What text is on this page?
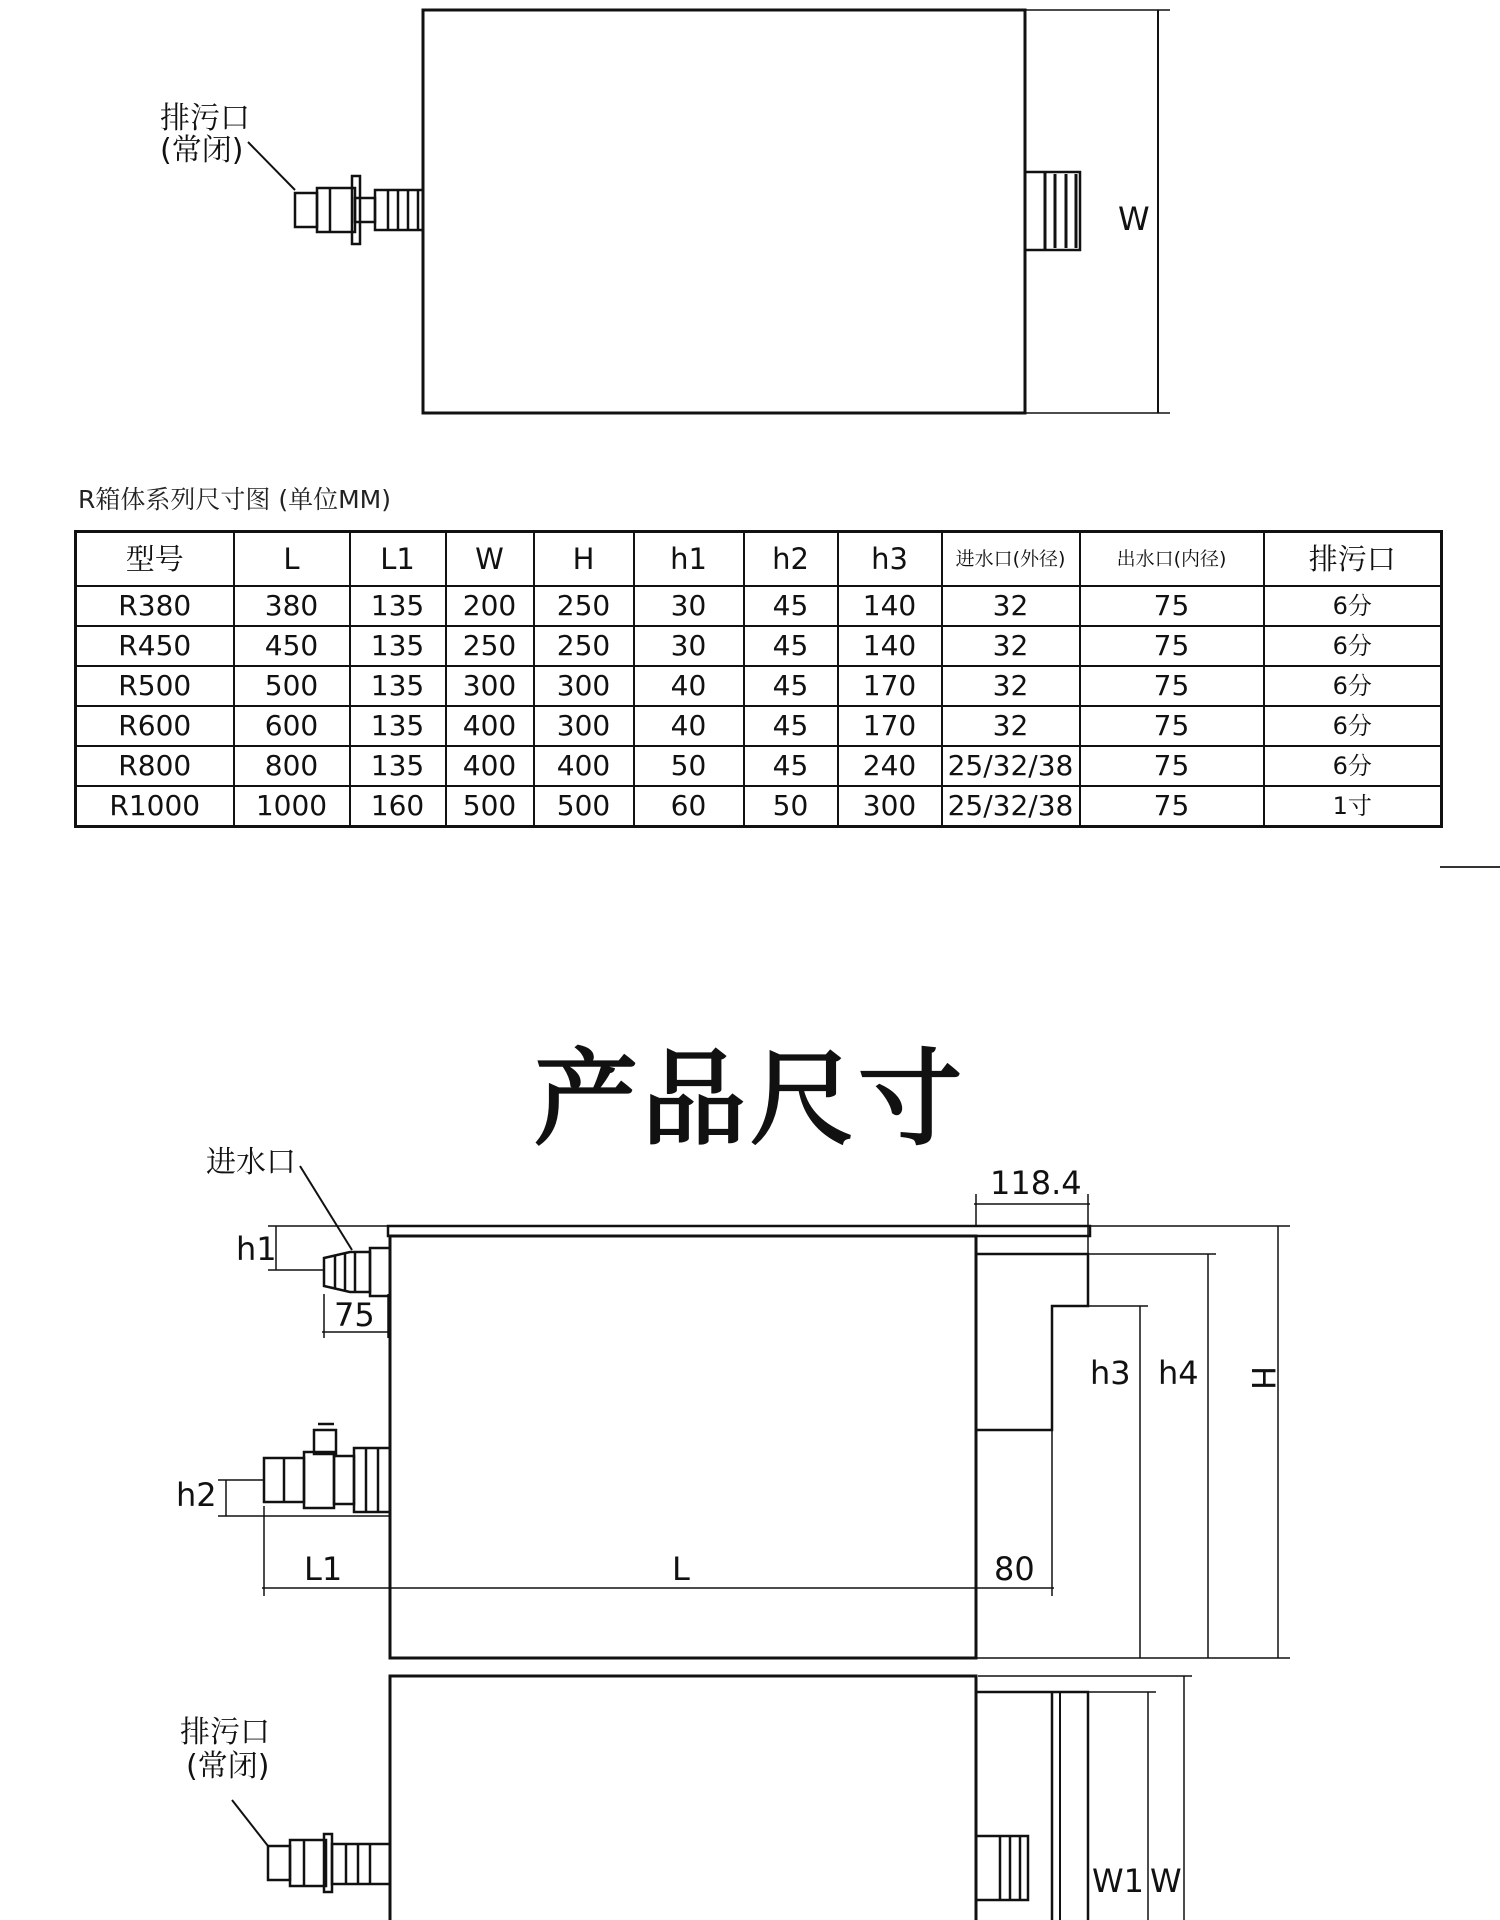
排污口
(常闭)
W
R箱体系列尺寸图 (单位MM)
型号	L	L1	W	H	h1	h2	h3	进水口(外径)	出水口(内径)	排污口
R380	380	135	200	250	30	45	140	32	75	6分
R450	450	135	250	250	30	45	140	32	75	6分
R500	500	135	300	300	40	45	170	32	75	6分
R600	600	135	400	300	40	45	170	32	75	6分
R800	800	135	400	400	50	45	240	25/32/38	75	6分
R1000	1000	160	500	500	60	50	300	25/32/38	75	1寸
产品尺寸
进水口
h1
75
h2
L1	L	80
118.4
h3 h4 H
排污口
(常闭)
W1 W
